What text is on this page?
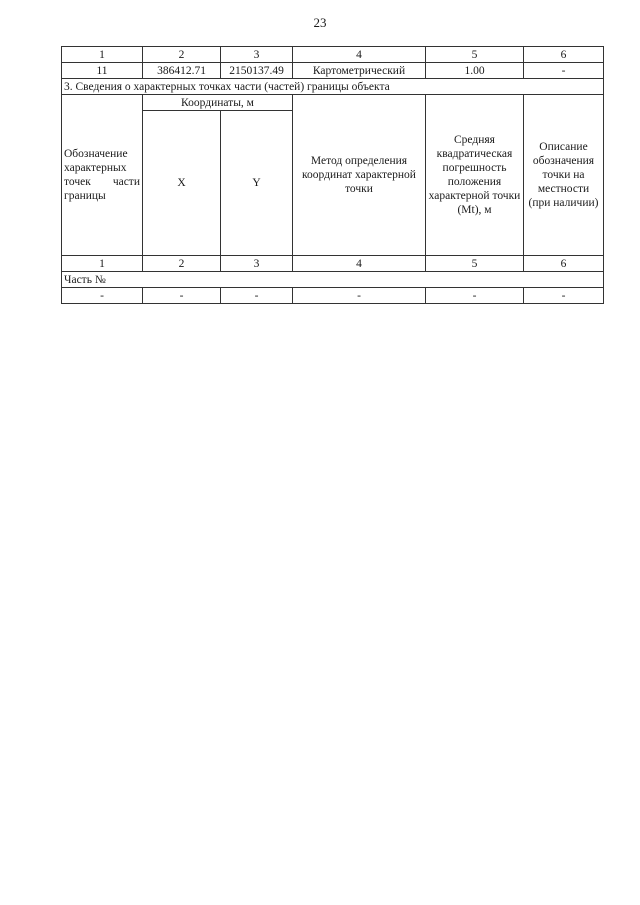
23
1	2	3	4	5	6
11	386412.71	2150137.49	Картометрический	1.00	-
3. Сведения о характерных точках части (частей) границы объекта					
Обозначение характерных точек части границы	Координаты, м		Метод определения координат характерной точки	Средняя квадратическая погрешность положения характерной точки (Mt), м	Описание обозначения точки на местности (при наличии)
	X	Y			
1	2	3	4	5	6
Часть №					
-	-	-	-	-	-
